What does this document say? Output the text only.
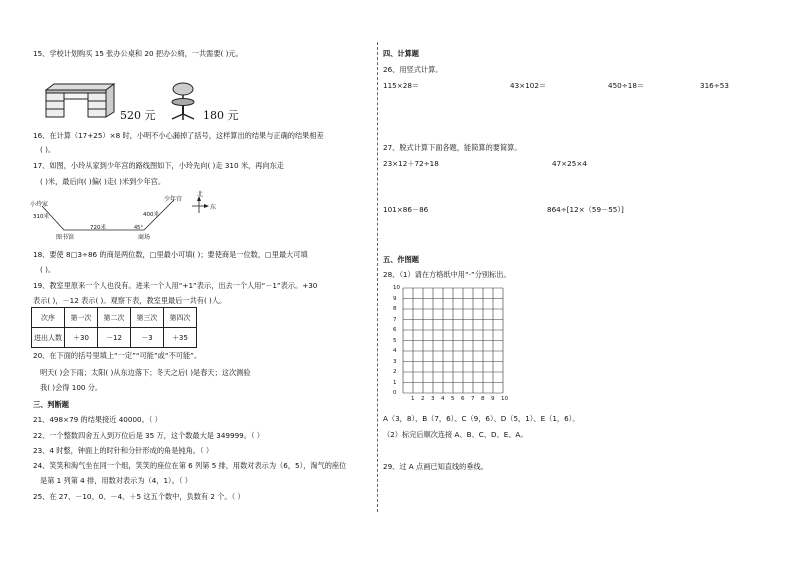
15、学校计划购买 15 张办公桌和 20 把办公椅，一共需要( )元。
520 元	180 元
16、在计算（17+25）×8 时，小明不小心漏掉了括号，这样算出的结果与正确的结果相差
( )。
17、如图，小玲从家到少年宫的路线图如下，小玲先向( )走 310 米，再向东走
( )米，最后向( )偏( )走( )米到少年宫。
小玲家
310米
720米
400米
45°
图书馆	商场
少年宫
北
东
18、要使 8□3÷86 的商是两位数，□里最小可填( )；要使商是一位数，□里最大可填
( )。
19、教室里原来一个人也没有。进来一个人用“+1”表示，出去一个人用“－1”表示。+30
表示( )，－12 表示( )。观察下表，教室里最后一共有( )人。
次序	第一次	第二次	第三次	第四次
进出人数	＋30	－12	－3	＋35
20、在下面的括号里填上“一定”“可能”或“不可能”。
明天( )会下雨；太阳( )从东边落下；冬天之后( )是春天；这次测验
我( )会得 100 分。
三、判断题
21、498×79 的结果接近 40000。（ ）
22、一个整数四舍五入到万位后是 35 万，这个数最大是 349999。（ ）
23、4 时整，钟面上的时针和分针形成的角是钝角。（ ）
24、笑笑和淘气坐在同一个组，笑笑的座位在第 6 列第 5 排，用数对表示为（6，5），淘气的座位
是第 1 列第 4 排，用数对表示为（4，1）。（ ）
25、在 27、－10、0、－4、＋5 这五个数中，负数有 2 个。（ ）
四、计算题
26、用竖式计算。
115×28＝	43×102＝	450÷18＝	316÷53
27、脱式计算下面各题，能简算的要简算。
23×12＋72÷18	47×25×4
101×86－86	864÷[12×（59－55）]
五、作图题
28、（1）请在方格纸中用“·”分别标出。
10
9
8
7
6
5
4
3
2
1
0
1 2 3 4 5 6 7 8 9 10
A（3，8）、B（7，6）、C（9，6）、D（5，1）、E（1，6）。
（2）标完后顺次连接 A、B、C、D、E、A。
29、过 A 点画已知直线的垂线。
